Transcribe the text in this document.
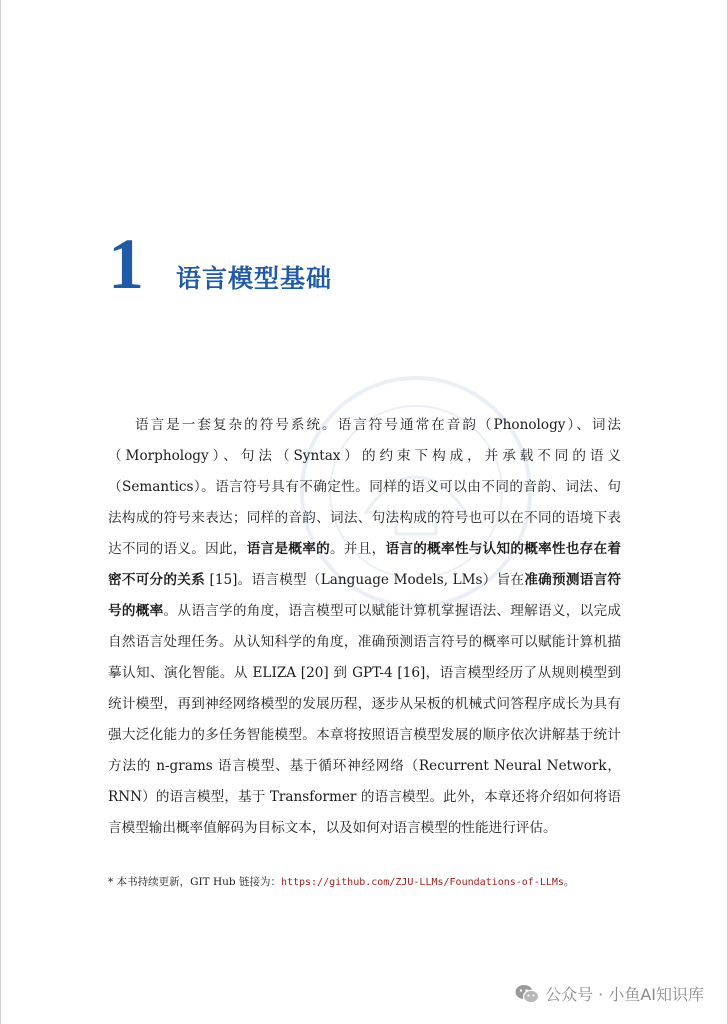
1 语言模型基础

语言是一套复杂的符号系统。语言符号通常在音韵（Phonology）、词法（Morphology）、句法（Syntax）的约束下构成，并承载不同的语义（Semantics）。语言符号具有不确定性。同样的语义可以由不同的音韵、词法、句法构成的符号来表达；同样的音韵、词法、句法构成的符号也可以在不同的语境下表达不同的语义。因此，语言是概率的。并且，语言的概率性与认知的概率性也存在着密不可分的关系 [15]。语言模型（Language Models, LMs）旨在准确预测语言符号的概率。从语言学的角度，语言模型可以赋能计算机掌握语法、理解语义，以完成自然语言处理任务。从认知科学的角度，准确预测语言符号的概率可以赋能计算机描摹认知、演化智能。从 ELIZA [20] 到 GPT-4 [16]，语言模型经历了从规则模型到统计模型，再到神经网络模型的发展历程，逐步从呆板的机械式问答程序成长为具有强大泛化能力的多任务智能模型。本章将按照语言模型发展的顺序依次讲解基于统计方法的 n-grams 语言模型、基于循环神经网络（Recurrent Neural Network，RNN）的语言模型，基于 Transformer 的语言模型。此外，本章还将介绍如何将语言模型输出概率值解码为目标文本，以及如何对语言模型的性能进行评估。

* 本书持续更新，GIT Hub 链接为：https://github.com/ZJU-LLMs/Foundations-of-LLMs。
公众号 · 小鱼AI知识库
